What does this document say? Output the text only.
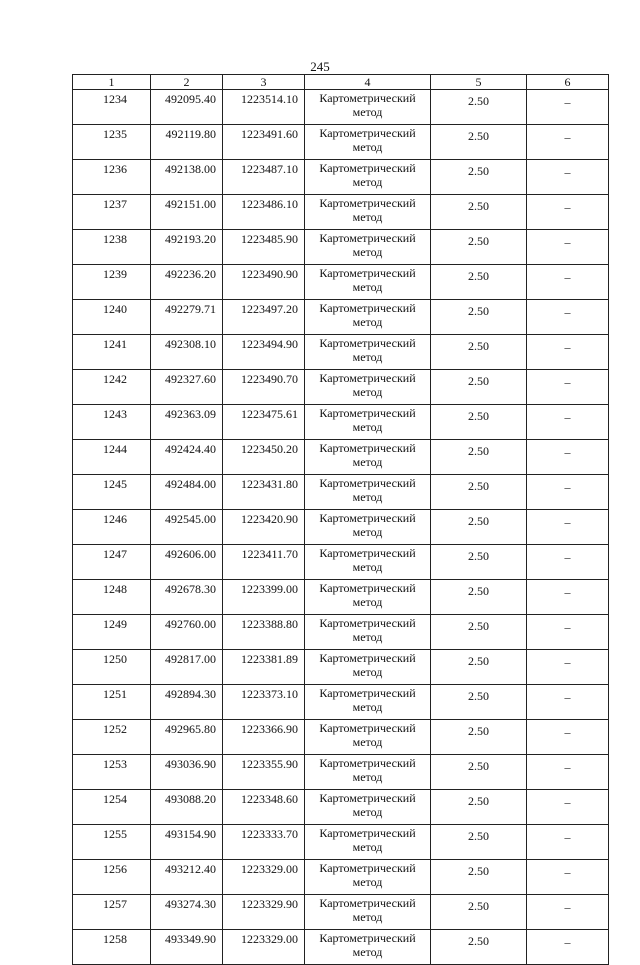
245
1	2	3	4	5	6
1234	492095.40	1223514.10	Картометрический метод	2.50	–
1235	492119.80	1223491.60	Картометрический метод	2.50	–
1236	492138.00	1223487.10	Картометрический метод	2.50	–
1237	492151.00	1223486.10	Картометрический метод	2.50	–
1238	492193.20	1223485.90	Картометрический метод	2.50	–
1239	492236.20	1223490.90	Картометрический метод	2.50	–
1240	492279.71	1223497.20	Картометрический метод	2.50	–
1241	492308.10	1223494.90	Картометрический метод	2.50	–
1242	492327.60	1223490.70	Картометрический метод	2.50	–
1243	492363.09	1223475.61	Картометрический метод	2.50	–
1244	492424.40	1223450.20	Картометрический метод	2.50	–
1245	492484.00	1223431.80	Картометрический метод	2.50	–
1246	492545.00	1223420.90	Картометрический метод	2.50	–
1247	492606.00	1223411.70	Картометрический метод	2.50	–
1248	492678.30	1223399.00	Картометрический метод	2.50	–
1249	492760.00	1223388.80	Картометрический метод	2.50	–
1250	492817.00	1223381.89	Картометрический метод	2.50	–
1251	492894.30	1223373.10	Картометрический метод	2.50	–
1252	492965.80	1223366.90	Картометрический метод	2.50	–
1253	493036.90	1223355.90	Картометрический метод	2.50	–
1254	493088.20	1223348.60	Картометрический метод	2.50	–
1255	493154.90	1223333.70	Картометрический метод	2.50	–
1256	493212.40	1223329.00	Картометрический метод	2.50	–
1257	493274.30	1223329.90	Картометрический метод	2.50	–
1258	493349.90	1223329.00	Картометрический метод	2.50	–
